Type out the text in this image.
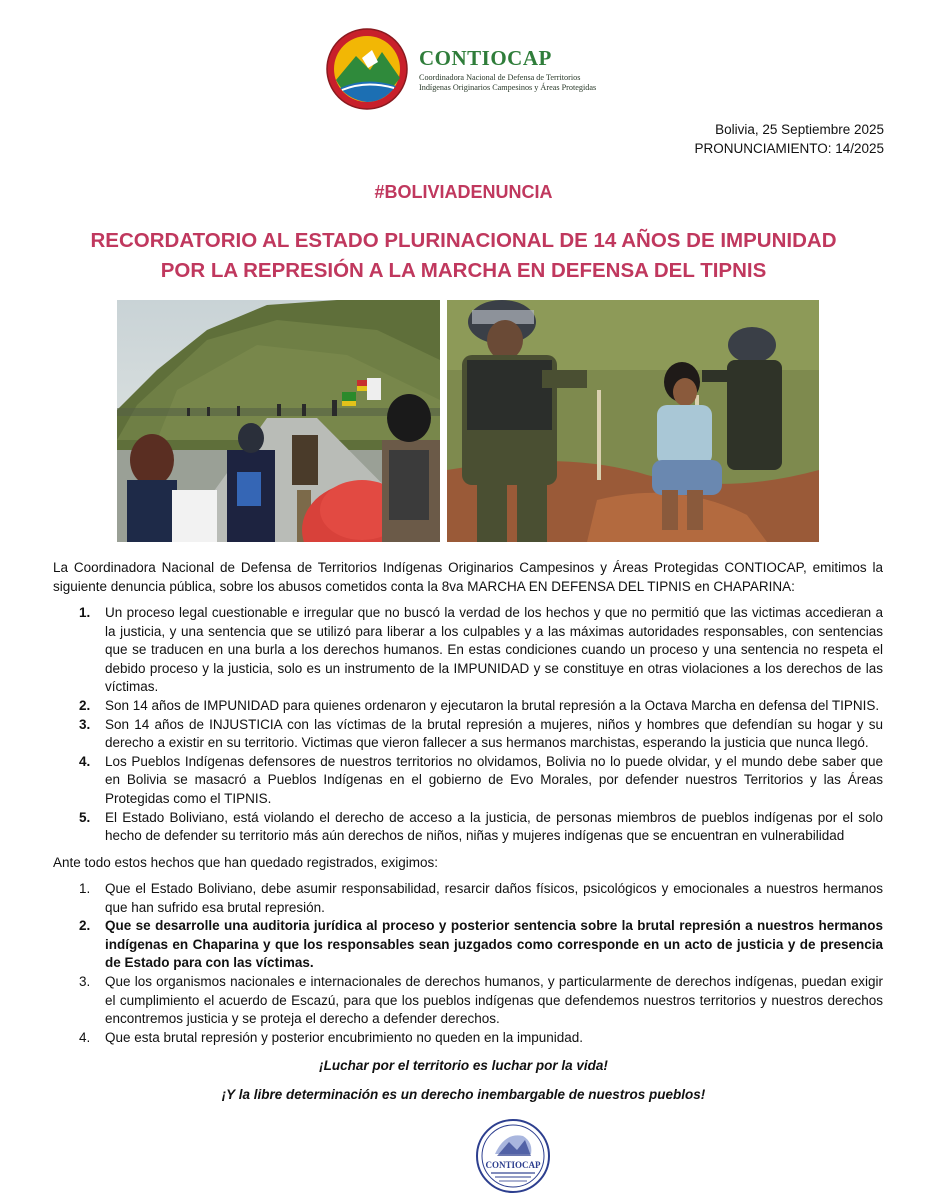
CONTIOCAP
Coordinadora Nacional de Defensa de Territorios
Indígenas Originarios Campesinos y Áreas Protegidas
Bolivia, 25 Septiembre 2025
PRONUNCIAMIENTO: 14/2025
#BOLIVIADENUNCIA
RECORDATORIO AL ESTADO PLURINACIONAL DE 14 AÑOS DE IMPUNIDAD
POR LA REPRESIÓN A LA MARCHA EN DEFENSA DEL TIPNIS
La Coordinadora Nacional de Defensa de Territorios Indígenas Originarios Campesinos y Áreas Protegidas CONTIOCAP, emitimos la siguiente denuncia pública, sobre los abusos cometidos conta la 8va MARCHA EN DEFENSA DEL TIPNIS en CHAPARINA:
1. Un proceso legal cuestionable e irregular que no buscó la verdad de los hechos y que no permitió que las victimas accedieran a la justicia, y una sentencia que se utilizó para liberar a los culpables y a las máximas autoridades responsables, con sentencias que se traducen en una burla a los derechos humanos. En estas condiciones cuando un proceso y una sentencia no respeta el debido proceso y la justicia, solo es un instrumento de la IMPUNIDAD y se constituye en otras violaciones a los derechos de las víctimas.
2. Son 14 años de IMPUNIDAD para quienes ordenaron y ejecutaron la brutal represión a la Octava Marcha en defensa del TIPNIS.
3. Son 14 años de INJUSTICIA con las víctimas de la brutal represión a mujeres, niños y hombres que defendían su hogar y su derecho a existir en su territorio. Victimas que vieron fallecer a sus hermanos marchistas, esperando la justicia que nunca llegó.
4. Los Pueblos Indígenas defensores de nuestros territorios no olvidamos, Bolivia no lo puede olvidar, y el mundo debe saber que en Bolivia se masacró a Pueblos Indígenas en el gobierno de Evo Morales, por defender nuestros Territorios y las Áreas Protegidas como el TIPNIS.
5. El Estado Boliviano, está violando el derecho de acceso a la justicia, de personas miembros de pueblos indígenas por el solo hecho de defender su territorio más aún derechos de niños, niñas y mujeres indígenas que se encuentran en vulnerabilidad
Ante todo estos hechos que han quedado registrados, exigimos:
1. Que el Estado Boliviano, debe asumir responsabilidad, resarcir daños físicos, psicológicos y emocionales a nuestros hermanos que han sufrido esa brutal represión.
2. Que se desarrolle una auditoria jurídica al proceso y posterior sentencia sobre la brutal represión a nuestros hermanos indígenas en Chaparina y que los responsables sean juzgados como corresponde en un acto de justicia y de presencia de Estado para con las víctimas.
3. Que los organismos nacionales e internacionales de derechos humanos, y particularmente de derechos indígenas, puedan exigir el cumplimiento el acuerdo de Escazú, para que los pueblos indígenas que defendemos nuestros territorios y nuestros derechos encontremos justicia y se proteja el derecho a defender derechos.
4. Que esta brutal represión y posterior encubrimiento no queden en la impunidad.
¡Luchar por el territorio es luchar por la vida!
¡Y la libre determinación es un derecho inembargable de nuestros pueblos!
CONTIOCAP
